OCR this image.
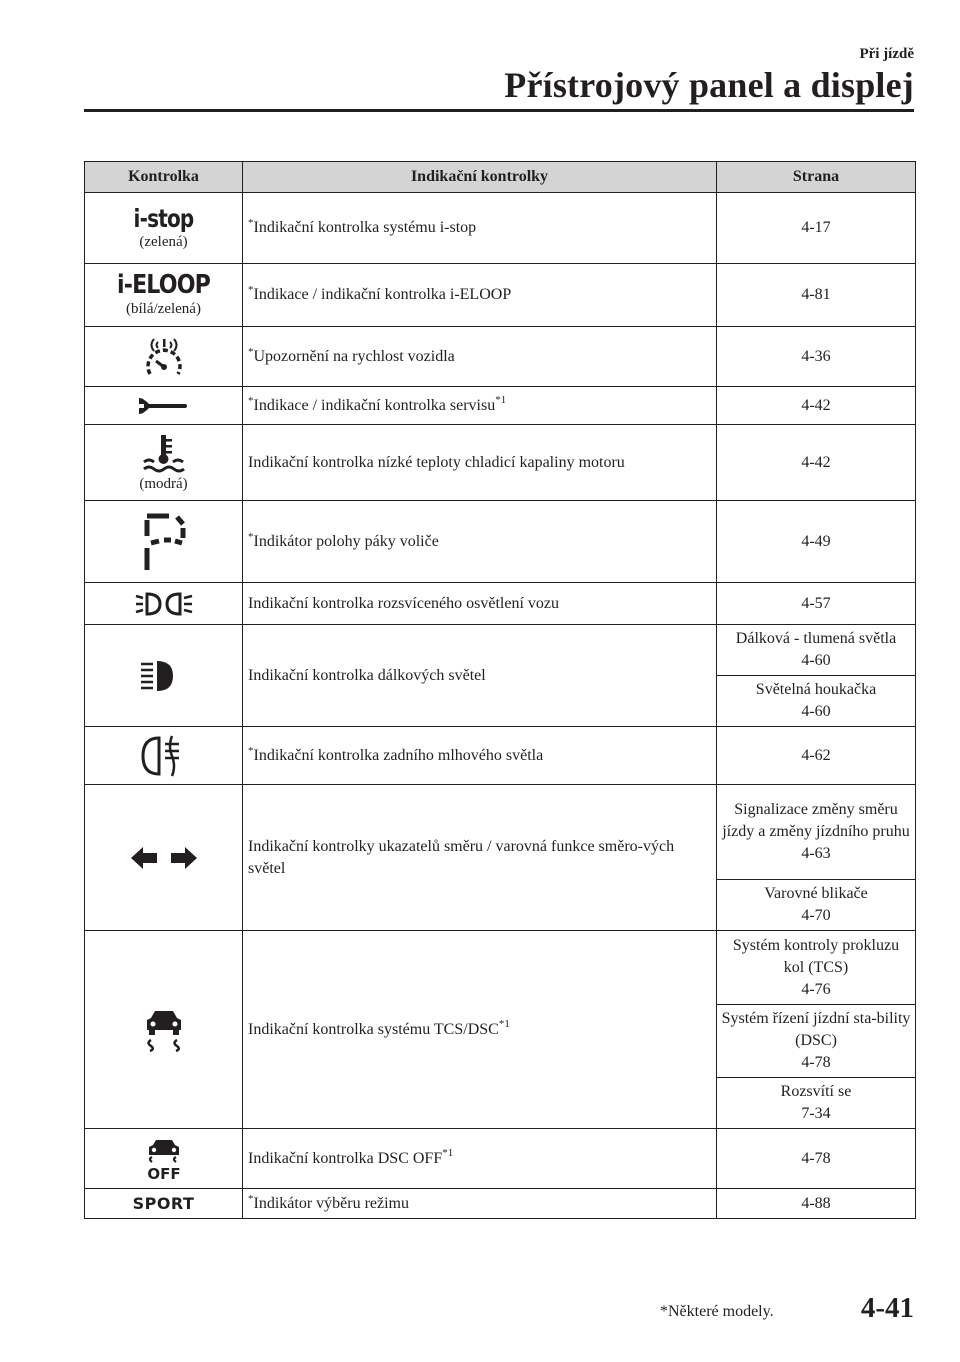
Při jízdě
Přístrojový panel a displej
Kontrolka	Indikační kontrolky	Strana

i-stop
(zelená)	*Indikační kontrolka systému i-stop	4-17

i-ELOOP
(bílá/zelená)	*Indikace / indikační kontrolka i-ELOOP	4-81

	*Upozornění na rychlost vozidla	4-36

	*Indikace / indikační kontrolka servisu$^{*1}$	4-42

(modrá)	Indikační kontrolka nízké teploty chladicí kapaliny motoru	4-42

	*Indikátor polohy páky voliče	4-49

	Indikační kontrolka rozsvíceného osvětlení vozu	4-57

	Indikační kontrolka dálkových světel	Dálková - tlumená světla
4-60

		Světelná houkačka
4-60

	*Indikační kontrolka zadního mlhového světla	4-62

	Indikační kontrolky ukazatelů směru / varovná funkce směro-vých světel	Signalizace změny směru jízdy a změny jízdního pruhu
4-63

		Varovné blikače
4-70

	Indikační kontrolka systému TCS/DSC$^{*1}$	Systém kontroly prokluzu kol (TCS)
4-76

		Systém řízení jízdní sta-bility (DSC)
4-78

		Rozsvítí se
7-34

OFF	Indikační kontrolka DSC OFF$^{*1}$	4-78

SPORT	*Indikátor výběru režimu	4-88
*Některé modely.	4-41
